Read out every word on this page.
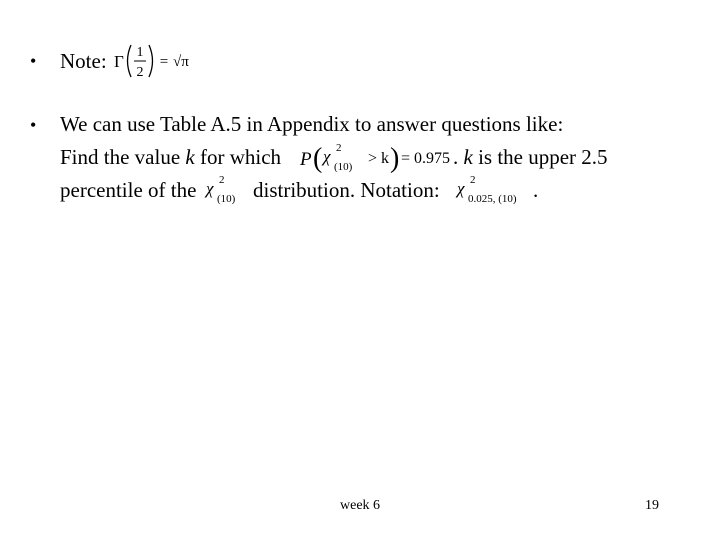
• Note: Γ 1
2
= √π
• We can use Table A.5 in Appendix to answer questions like:
Find the value k for which P ( χ 2
(10) > k ) = 0.975 . k is the upper 2.5
percentile of the χ 2
(10) distribution. Notation: χ 2
0.025, (10) .
week 6	19
